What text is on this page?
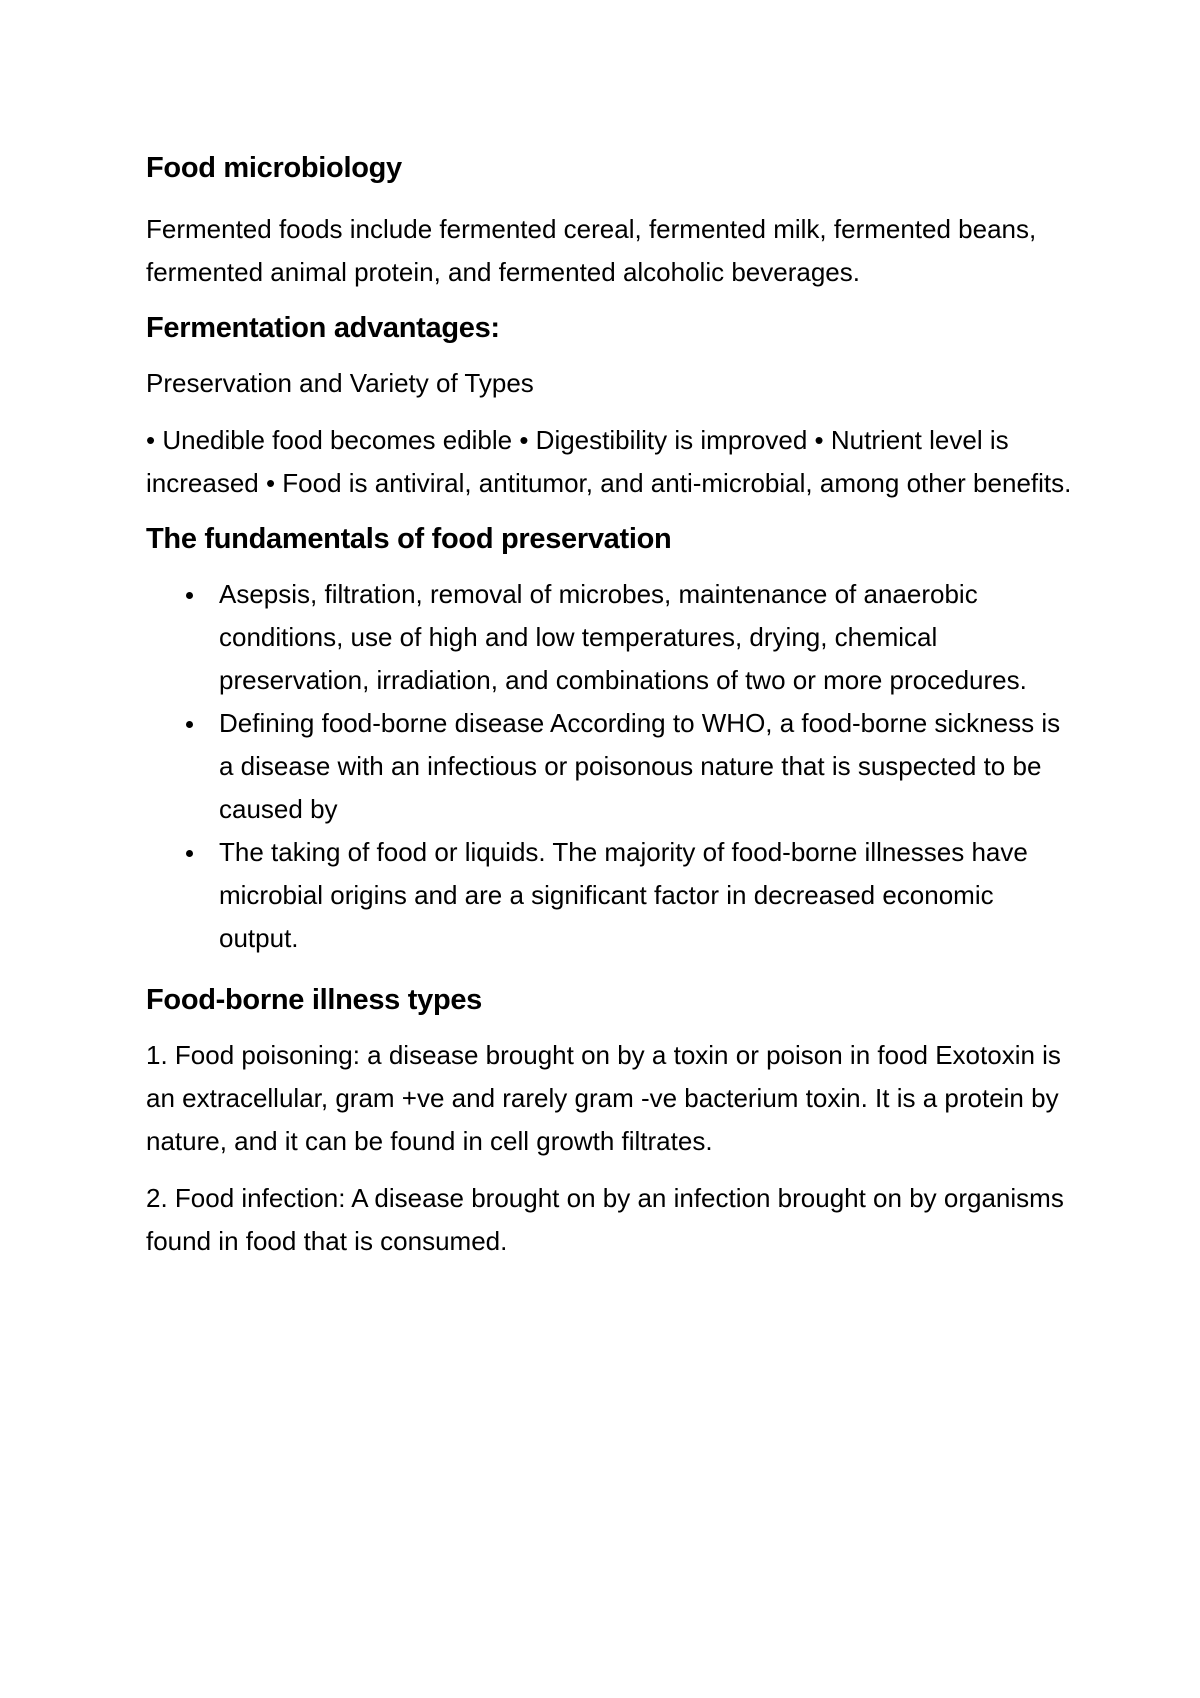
Food microbiology
Fermented foods include fermented cereal, fermented milk, fermented beans, fermented animal protein, and fermented alcoholic beverages.
Fermentation advantages:
Preservation and Variety of Types
• Unedible food becomes edible • Digestibility is improved • Nutrient level is increased • Food is antiviral, antitumor, and anti-microbial, among other benefits.
The fundamentals of food preservation
Asepsis, filtration, removal of microbes, maintenance of anaerobic conditions, use of high and low temperatures, drying, chemical preservation, irradiation, and combinations of two or more procedures.
Defining food-borne disease According to WHO, a food-borne sickness is a disease with an infectious or poisonous nature that is suspected to be caused by
The taking of food or liquids. The majority of food-borne illnesses have microbial origins and are a significant factor in decreased economic output.
Food-borne illness types
1. Food poisoning: a disease brought on by a toxin or poison in food Exotoxin is an extracellular, gram +ve and rarely gram -ve bacterium toxin. It is a protein by nature, and it can be found in cell growth filtrates.
2. Food infection: A disease brought on by an infection brought on by organisms found in food that is consumed.
